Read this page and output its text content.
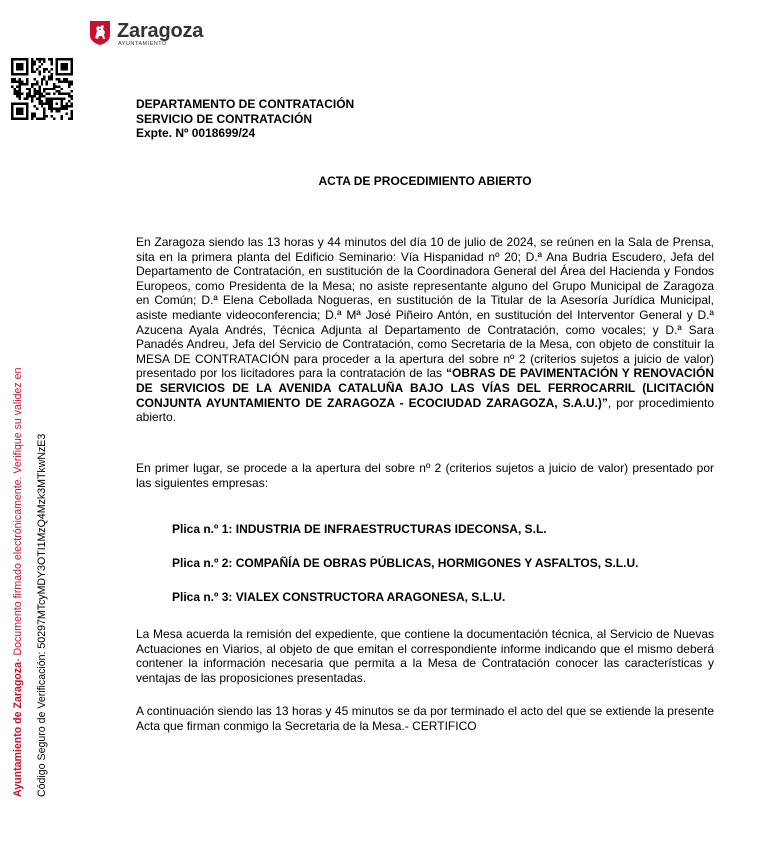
Zaragoza
AYUNTAMIENTO
Ayuntamiento de Zaragoza- Documento firmado electrónicamente. Verifique su validez en Código Seguro de Verificación: 50297MTcyMDY3OTI1MzQ4Mzk3MTkwNzE3
DEPARTAMENTO DE CONTRATACIÓN
SERVICIO DE CONTRATACIÓN
Expte. Nº 0018699/24
ACTA DE PROCEDIMIENTO ABIERTO

En Zaragoza siendo las 13 horas y 44 minutos del día 10 de julio de 2024, se reúnen en la Sala de Prensa, sita en la primera planta del Edificio Seminario: Vía Hispanidad nº 20; D.ª Ana Budria Escudero, Jefa del Departamento de Contratación, en sustitución de la Coordinadora General del Área del Hacienda y Fondos Europeos, como Presidenta de la Mesa; no asiste representante alguno del Grupo Municipal de Zaragoza en Común; D.ª Elena Cebollada Nogueras, en sustitución de la Titular de la Asesoría Jurídica Municipal, asiste mediante videoconferencia; D.ª Mª José Piñeiro Antón, en sustitución del Interventor General y D.ª Azucena Ayala Andrés, Técnica Adjunta al Departamento de Contratación, como vocales; y D.ª Sara Panadés Andreu, Jefa del Servicio de Contratación, como Secretaria de la Mesa, con objeto de constituir la MESA DE CONTRATACIÓN para proceder a la apertura del sobre nº 2 (criterios sujetos a juicio de valor) presentado por los licitadores para la contratación de las “OBRAS DE PAVIMENTACIÓN Y RENOVACIÓN DE SERVICIOS DE LA AVENIDA CATALUÑA BAJO LAS VÍAS DEL FERROCARRIL (LICITACIÓN CONJUNTA AYUNTAMIENTO DE ZARAGOZA - ECOCIUDAD ZARAGOZA, S.A.U.)”, por procedimiento abierto.

En primer lugar, se procede a la apertura del sobre nº 2 (criterios sujetos a juicio de valor) presentado por las siguientes empresas:

Plica n.º 1: INDUSTRIA DE INFRAESTRUCTURAS IDECONSA, S.L.
Plica n.º 2: COMPAÑÍA DE OBRAS PÚBLICAS, HORMIGONES Y ASFALTOS, S.L.U.
Plica n.º 3: VIALEX CONSTRUCTORA ARAGONESA, S.L.U.

La Mesa acuerda la remisión del expediente, que contiene la documentación técnica, al Servicio de Nuevas Actuaciones en Viarios, al objeto de que emitan el correspondiente informe indicando que el mismo deberá contener la información necesaria que permita a la Mesa de Contratación conocer las características y ventajas de las proposiciones presentadas.

A continuación siendo las 13 horas y 45 minutos se da por terminado el acto del que se extiende la presente Acta que firman conmigo la Secretaria de la Mesa.- CERTIFICO
